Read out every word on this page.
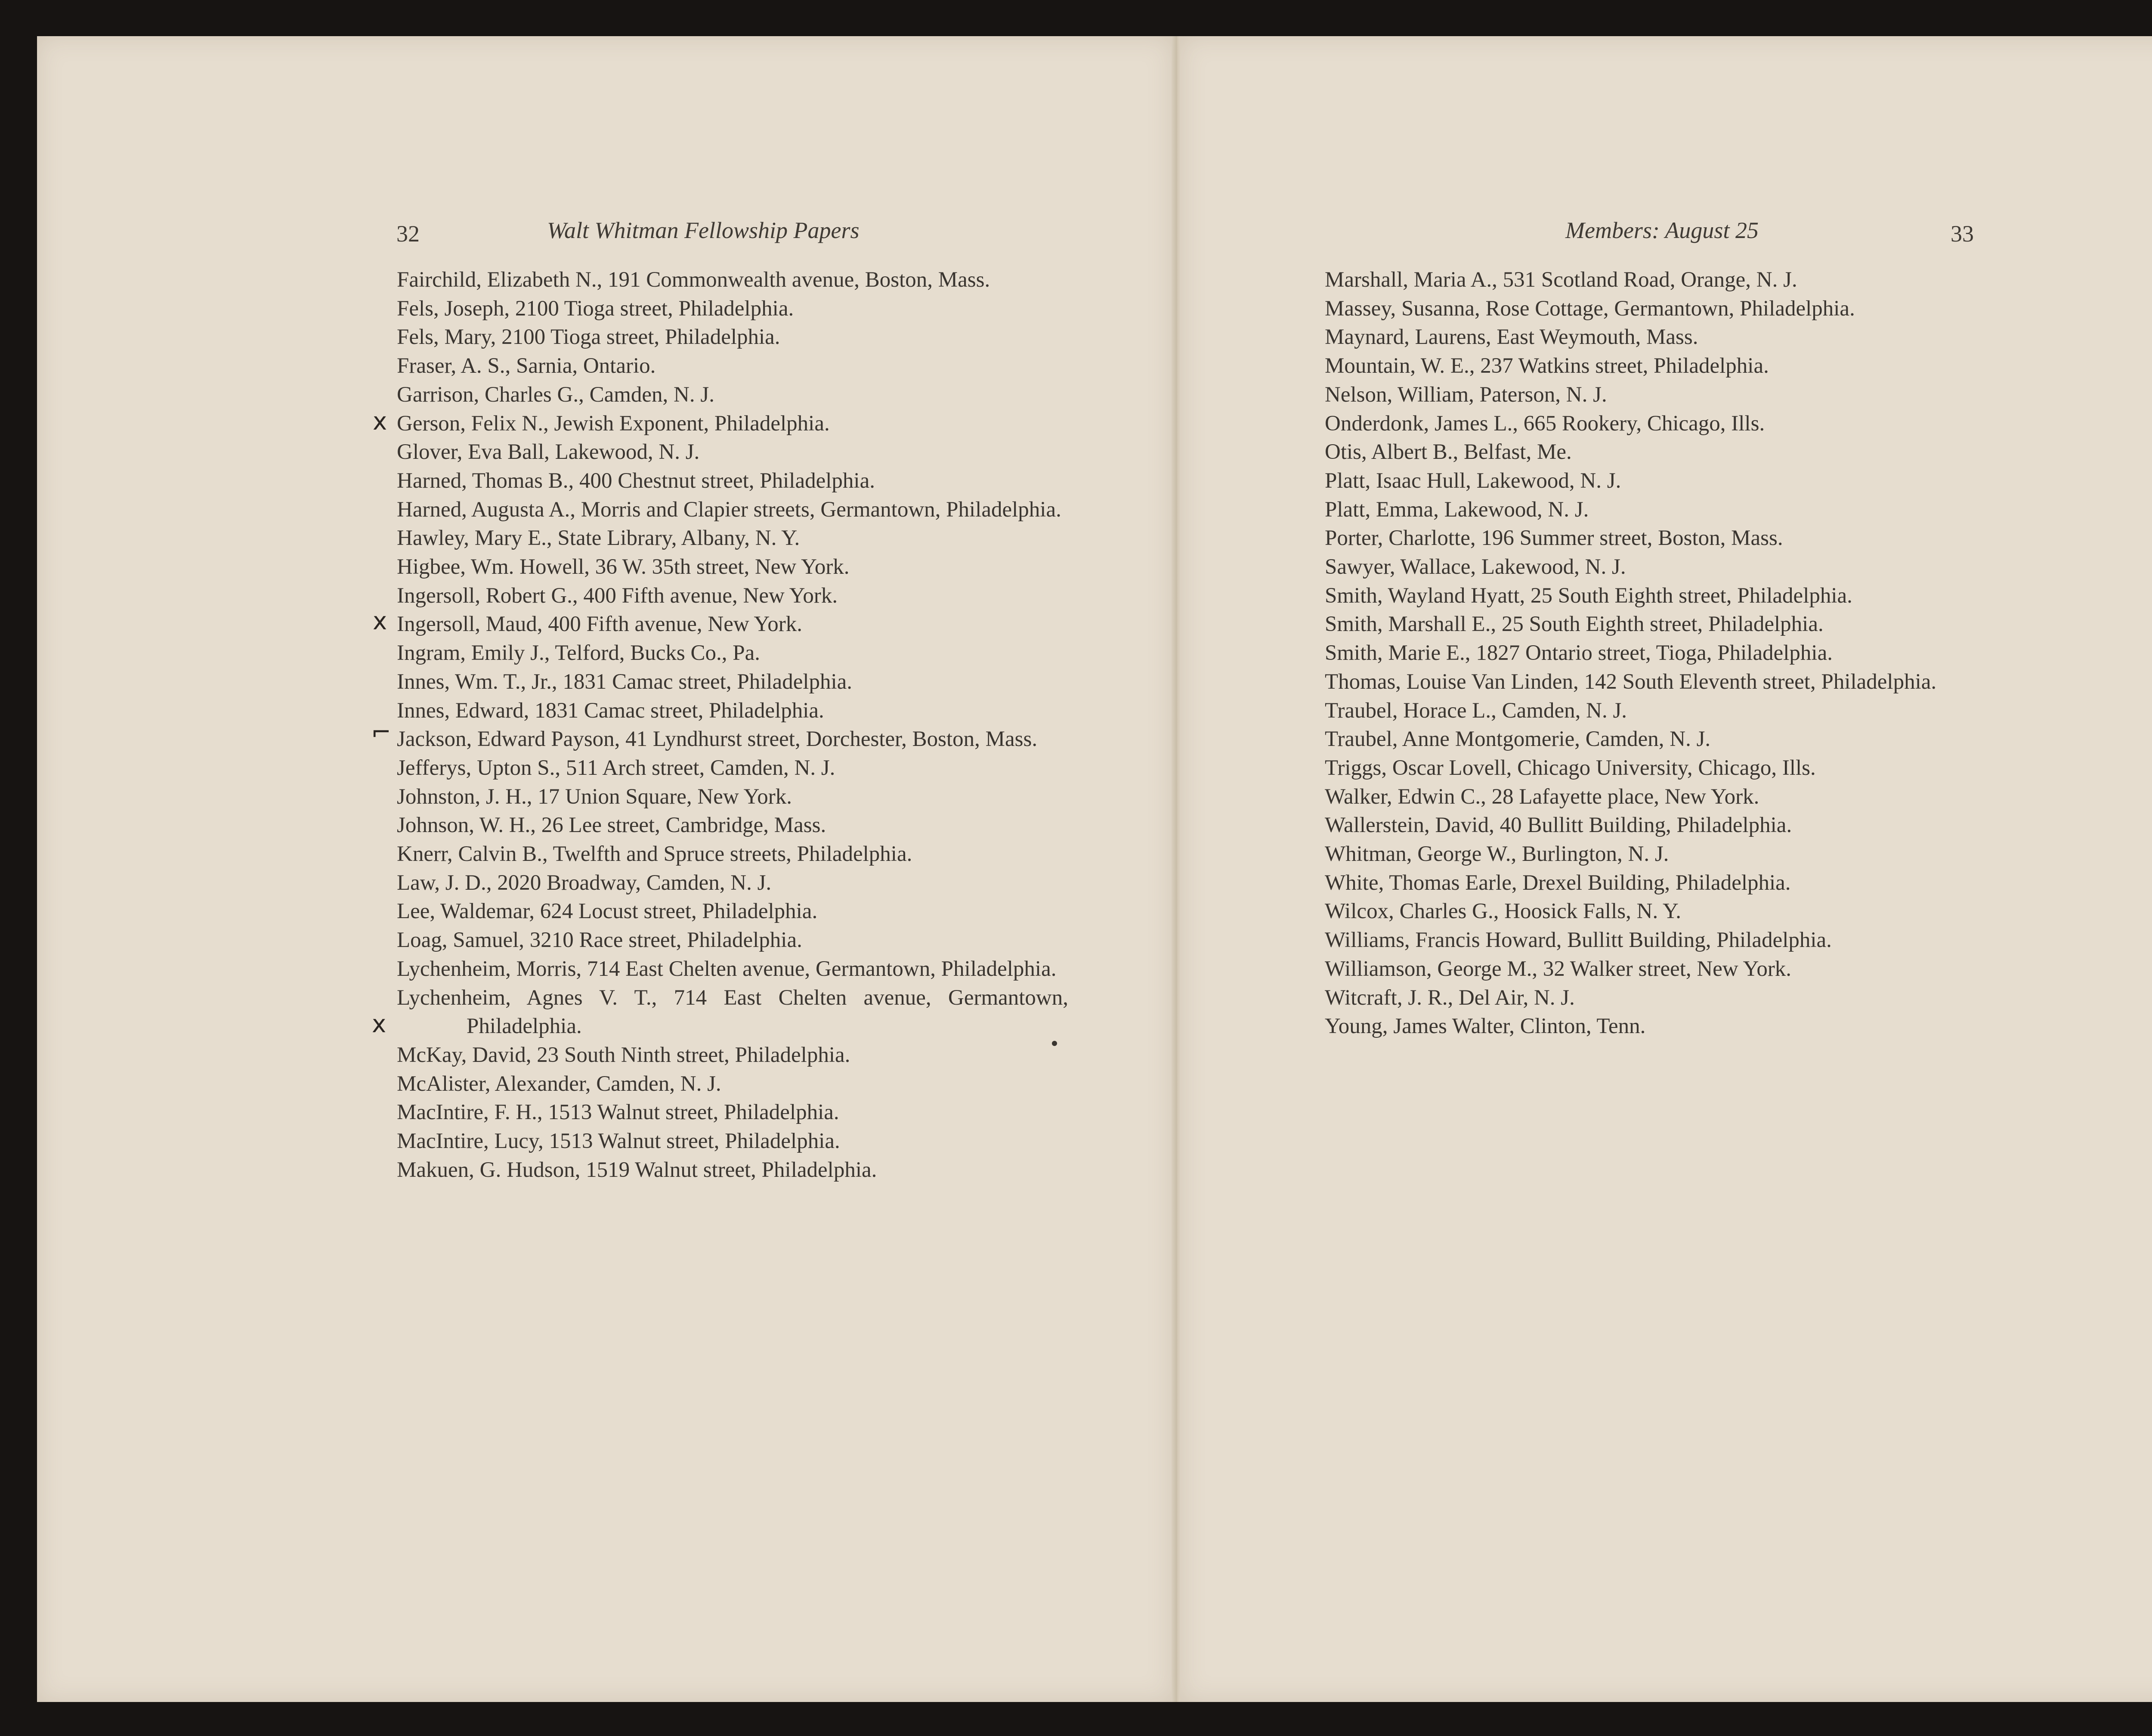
32	Walt Whitman Fellowship Papers
Fairchild, Elizabeth N., 191 Commonwealth avenue, Boston, Mass.
Fels, Joseph, 2100 Tioga street, Philadelphia.
Fels, Mary, 2100 Tioga street, Philadelphia.
Fraser, A. S., Sarnia, Ontario.
Garrison, Charles G., Camden, N. J.
Gerson, Felix N., Jewish Exponent, Philadelphia.
Glover, Eva Ball, Lakewood, N. J.
Harned, Thomas B., 400 Chestnut street, Philadelphia.
Harned, Augusta A., Morris and Clapier streets, Germantown, Philadelphia.
Hawley, Mary E., State Library, Albany, N. Y.
Higbee, Wm. Howell, 36 W. 35th street, New York.
Ingersoll, Robert G., 400 Fifth avenue, New York.
Ingersoll, Maud, 400 Fifth avenue, New York.
Ingram, Emily J., Telford, Bucks Co., Pa.
Innes, Wm. T., Jr., 1831 Camac street, Philadelphia.
Innes, Edward, 1831 Camac street, Philadelphia.
Jackson, Edward Payson, 41 Lyndhurst street, Dorchester, Boston, Mass.
Jefferys, Upton S., 511 Arch street, Camden, N. J.
Johnston, J. H., 17 Union Square, New York.
Johnson, W. H., 26 Lee street, Cambridge, Mass.
Knerr, Calvin B., Twelfth and Spruce streets, Philadelphia.
Law, J. D., 2020 Broadway, Camden, N. J.
Lee, Waldemar, 624 Locust street, Philadelphia.
Loag, Samuel, 3210 Race street, Philadelphia.
Lychenheim, Morris, 714 East Chelten avenue, Germantown, Philadelphia.
Lychenheim, Agnes V. T., 714 East Chelten avenue, Germantown, Philadelphia.
McKay, David, 23 South Ninth street, Philadelphia.
McAlister, Alexander, Camden, N. J.
MacIntire, F. H., 1513 Walnut street, Philadelphia.
MacIntire, Lucy, 1513 Walnut street, Philadelphia.
Makuen, G. Hudson, 1519 Walnut street, Philadelphia.
x
x
⌐
x
Members: August 25	33
Marshall, Maria A., 531 Scotland Road, Orange, N. J.
Massey, Susanna, Rose Cottage, Germantown, Philadelphia.
Maynard, Laurens, East Weymouth, Mass.
Mountain, W. E., 237 Watkins street, Philadelphia.
Nelson, William, Paterson, N. J.
Onderdonk, James L., 665 Rookery, Chicago, Ills.
Otis, Albert B., Belfast, Me.
Platt, Isaac Hull, Lakewood, N. J.
Platt, Emma, Lakewood, N. J.
Porter, Charlotte, 196 Summer street, Boston, Mass.
Sawyer, Wallace, Lakewood, N. J.
Smith, Wayland Hyatt, 25 South Eighth street, Philadelphia.
Smith, Marshall E., 25 South Eighth street, Philadelphia.
Smith, Marie E., 1827 Ontario street, Tioga, Philadelphia.
Thomas, Louise Van Linden, 142 South Eleventh street, Philadelphia.
Traubel, Horace L., Camden, N. J.
Traubel, Anne Montgomerie, Camden, N. J.
Triggs, Oscar Lovell, Chicago University, Chicago, Ills.
Walker, Edwin C., 28 Lafayette place, New York.
Wallerstein, David, 40 Bullitt Building, Philadelphia.
Whitman, George W., Burlington, N. J.
White, Thomas Earle, Drexel Building, Philadelphia.
Wilcox, Charles G., Hoosick Falls, N. Y.
Williams, Francis Howard, Bullitt Building, Philadelphia.
Williamson, George M., 32 Walker street, New York.
Witcraft, J. R., Del Air, N. J.
Young, James Walter, Clinton, Tenn.
